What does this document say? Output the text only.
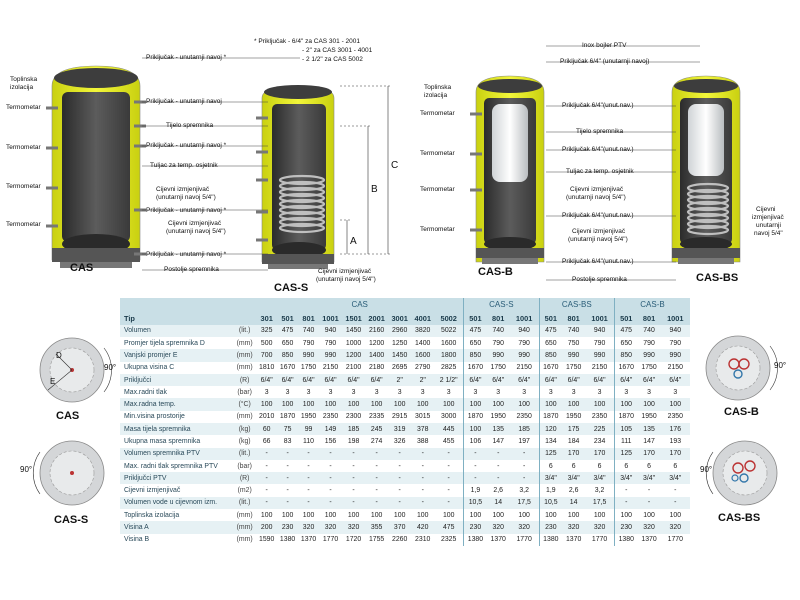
Toplinska izolacija
Termometar
Termometar
Termometar
Termometar
CAS
Priključak - unutarnji navoj *
Priključak - unutarnji navoj
Tijelo spremnika
Priključak - unutarnji navoj *
Tuljac za temp. osjetnik
Cijevni izmjenjivač
(unutarnji navoj 5/4")
Priključak - unutarnji navoj *
Cijevni izmjenjivač
(unutarnji navoj 5/4")
Priključak - unutarnji navoj *
Postolje spremnika
* Priključak - 6/4" za CAS 301 - 2001
- 2" za CAS 3001 - 4001
- 2 1/2" za CAS 5002
A
B
C
Cijevni izmjenjivač
(unutarnji navoj 5/4")
CAS-S
Toplinska izolacija
Termometar
Termometar
Termometar
Termometar
CAS-B
Inox bojler PTV
Priključak 6/4" (unutarnji navoj)
Priključak 6/4"(unut.nav.)
Tijelo spremnika
Priključak 6/4"(unut.nav.)
Tuljac za temp. osjetnik
Cijevni izmjenjivač
(unutarnji navoj 5/4")
Priključak 6/4"(unut.nav.)
Cijevni izmjenjivač
(unutarnji navoj 5/4")
Priključak 6/4"(unut.nav.)
Postolje spremnika
Cijevni
izmjenjivač
unutarnji
navoj 5/4"
CAS-BS
D
E
90°
CAS
90°
CAS-S
90°
CAS-B
90°
CAS-BS
		CAS									CAS-S			CAS-BS			CAS-B		
Tip		301	501	801	1001	1501	2001	3001	4001	5002	501	801	1001	501	801	1001	501	801	1001
Volumen	(lit.)	325	475	740	940	1450	2160	2960	3820	5022	475	740	940	475	740	940	475	740	940
Promjer tijela spremnika D	(mm)	500	650	790	790	1000	1200	1250	1400	1600	650	790	790	650	750	790	650	790	790
Vanjski promjer E	(mm)	700	850	990	990	1200	1400	1450	1600	1800	850	990	990	850	990	990	850	990	990
Ukupna visina C	(mm)	1810	1670	1750	2150	2100	2180	2695	2790	2825	1670	1750	2150	1670	1750	2150	1670	1750	2150
Priključci	(R)	6/4"	6/4"	6/4"	6/4"	6/4"	6/4"	2"	2"	2 1/2"	6/4"	6/4"	6/4"	6/4"	6/4"	6/4"	6/4"	6/4"	6/4"
Max.radni tlak	(bar)	3	3	3	3	3	3	3	3	3	3	3	3	3	3	3	3	3	3
Max.radna temp.	(°C)	100	100	100	100	100	100	100	100	100	100	100	100	100	100	100	100	100	100
Min.visina prostorije	(mm)	2010	1870	1950	2350	2300	2335	2915	3015	3000	1870	1950	2350	1870	1950	2350	1870	1950	2350
Masa tijela spremnika	(kg)	60	75	99	149	185	245	319	378	445	100	135	185	120	175	225	105	135	176
Ukupna masa spremnika	(kg)	66	83	110	156	198	274	326	388	455	106	147	197	134	184	234	111	147	193
Volumen spremnika PTV	(lit.)	-	-	-	-	-	-	-	-	-	-	-	-	125	170	170	125	170	170
Max. radni tlak spremnika PTV	(bar)	-	-	-	-	-	-	-	-	-	-	-	-	6	6	6	6	6	6
Priključci PTV	(R)	-	-	-	-	-	-	-	-	-	-	-	-	3/4"	3/4"	3/4"	3/4"	3/4"	3/4"
Cijevni izmjenjivač	(m2)	-	-	-	-	-	-	-	-	-	1,9	2,6	3,2	1,9	2,6	3,2	-	-	-
Volumen vode u cijevnom izm.	(lit.)	-	-	-	-	-	-	-	-	-	10,5	14	17,5	10,5	14	17,5	-	-	-
Toplinska izolacija	(mm)	100	100	100	100	100	100	100	100	100	100	100	100	100	100	100	100	100	100
Visina A	(mm)	200	230	320	320	320	355	370	420	475	230	320	320	230	320	320	230	320	320
Visina B	(mm)	1590	1380	1370	1770	1720	1755	2260	2310	2325	1380	1370	1770	1380	1370	1770	1380	1370	1770
